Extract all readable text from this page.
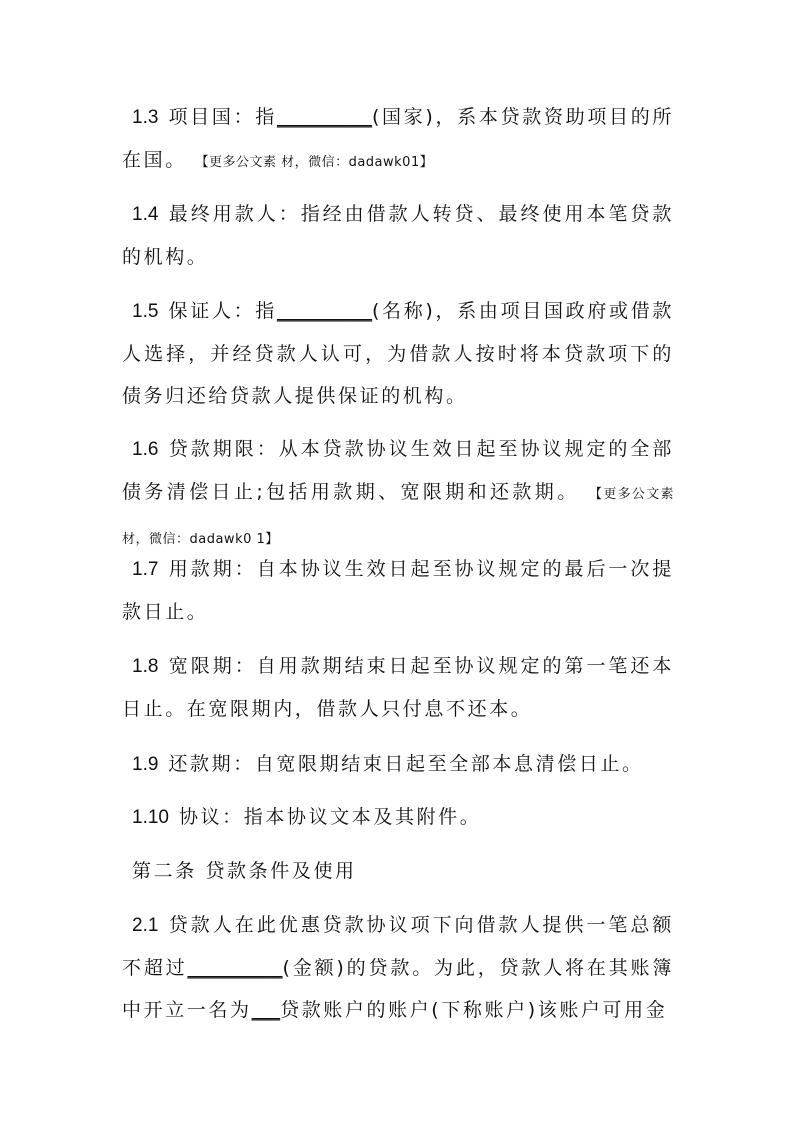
1.3 项目国：指__________(国家)，系本贷款资助项目的所在国。 【更多公文素 材，微信：dadawk01】

1.4 最终用款人：指经由借款人转贷、最终使用本笔贷款的机构。

1.5 保证人：指__________(名称)，系由项目国政府或借款人选择，并经贷款人认可，为借款人按时将本贷款项下的债务归还给贷款人提供保证的机构。

1.6 贷款期限：从本贷款协议生效日起至协议规定的全部债务清偿日止;包括用款期、宽限期和还款期。 【更多公文素材，微信：dadawk0 1】

1.7 用款期：自本协议生效日起至协议规定的最后一次提款日止。

1.8 宽限期：自用款期结束日起至协议规定的第一笔还本日止。在宽限期内，借款人只付息不还本。

1.9 还款期：自宽限期结束日起至全部本息清偿日止。

1.10 协议：指本协议文本及其附件。

第二条 贷款条件及使用

2.1 贷款人在此优惠贷款协议项下向借款人提供一笔总额不超过__________(金额)的贷款。为此，贷款人将在其账簿中开立一名为___贷款账户的账户(下称账户)该账户可用金
